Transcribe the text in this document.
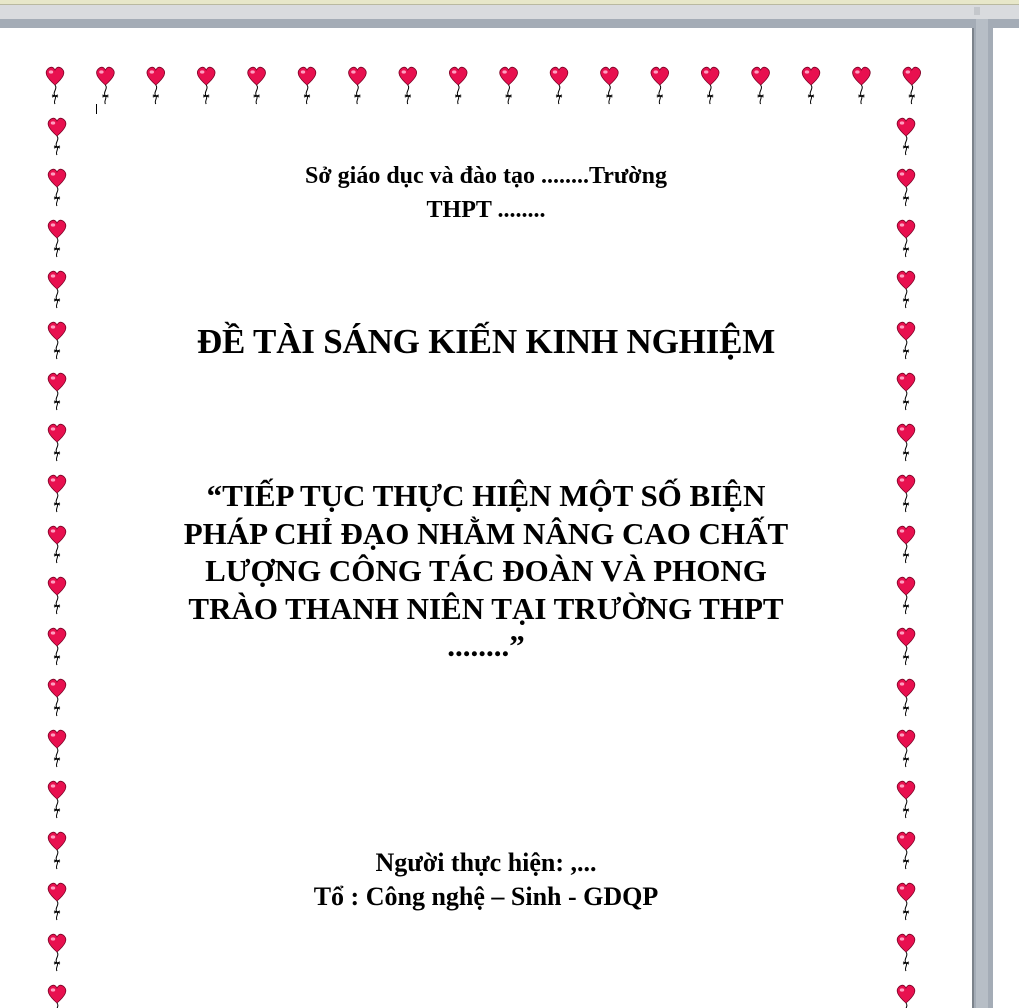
Sở giáo dục và đào tạo ........Trường
THPT ........
ĐỀ TÀI SÁNG KIẾN KINH NGHIỆM
“TIẾP TỤC THỰC HIỆN MỘT SỐ BIỆN
PHÁP CHỈ ĐẠO NHẰM NÂNG CAO CHẤT
LƯỢNG CÔNG TÁC ĐOÀN VÀ PHONG
TRÀO THANH NIÊN TẠI TRƯỜNG THPT
........”
Người thực hiện: ,...
Tổ : Công nghệ – Sinh - GDQP
